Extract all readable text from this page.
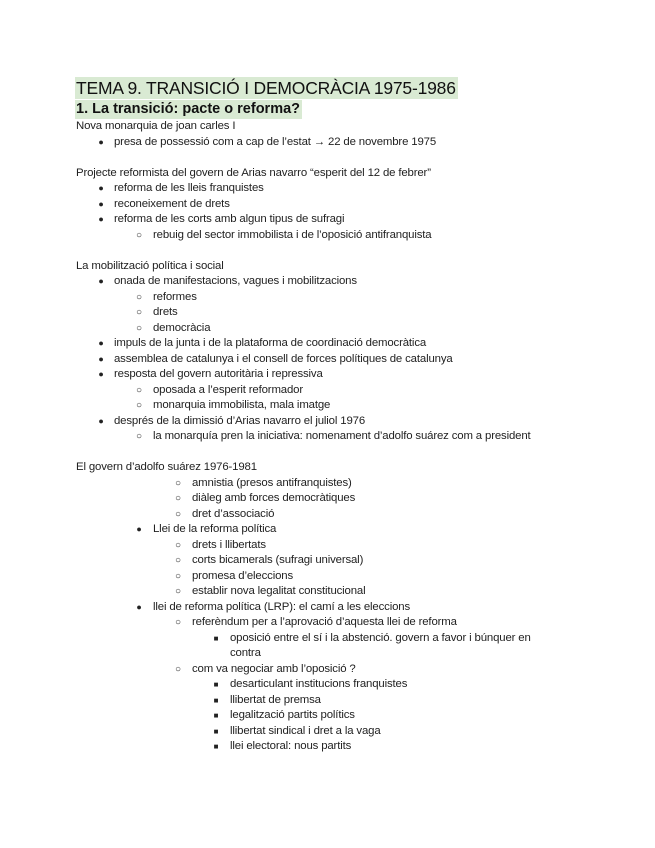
TEMA 9. TRANSICIÓ I DEMOCRÀCIA 1975-1986
1. La transició: pacte o reforma?
Nova monarquia de joan carles I
● presa de possessió com a cap de l’estat → 22 de novembre 1975
Projecte reformista del govern de Arias navarro “esperit del 12 de febrer”
● reforma de les lleis franquistes
● reconeixement de drets
● reforma de les corts amb algun tipus de sufragi
○ rebuig del sector immobilista i de l’oposició antifranquista
La mobilització política i social
● onada de manifestacions, vagues i mobilitzacions
○ reformes
○ drets
○ democràcia
● impuls de la junta i de la plataforma de coordinació democràtica
● assemblea de catalunya i el consell de forces polítiques de catalunya
● resposta del govern autoritària i repressiva
○ oposada a l’esperit reformador
○ monarquia immobilista, mala imatge
● després de la dimissió d’Arias navarro el juliol 1976
○ la monarquía pren la iniciativa: nomenament d’adolfo suárez com a president
El govern d’adolfo suárez 1976-1981
○ amnistia (presos antifranquistes)
○ diàleg amb forces democràtiques
○ dret d’associació
● Llei de la reforma política
○ drets i llibertats
○ corts bicamerals (sufragi universal)
○ promesa d’eleccions
○ establir nova legalitat constitucional
● llei de reforma política (LRP): el camí a les eleccions
○ referèndum per a l’aprovació d’aquesta llei de reforma
■ oposició entre el sí i la abstenció. govern a favor i búnquer en contra
○ com va negociar amb l’oposició ?
■ desarticulant institucions franquistes
■ llibertat de premsa
■ legalització partits polítics
■ llibertat sindical i dret a la vaga
■ llei electoral: nous partits
